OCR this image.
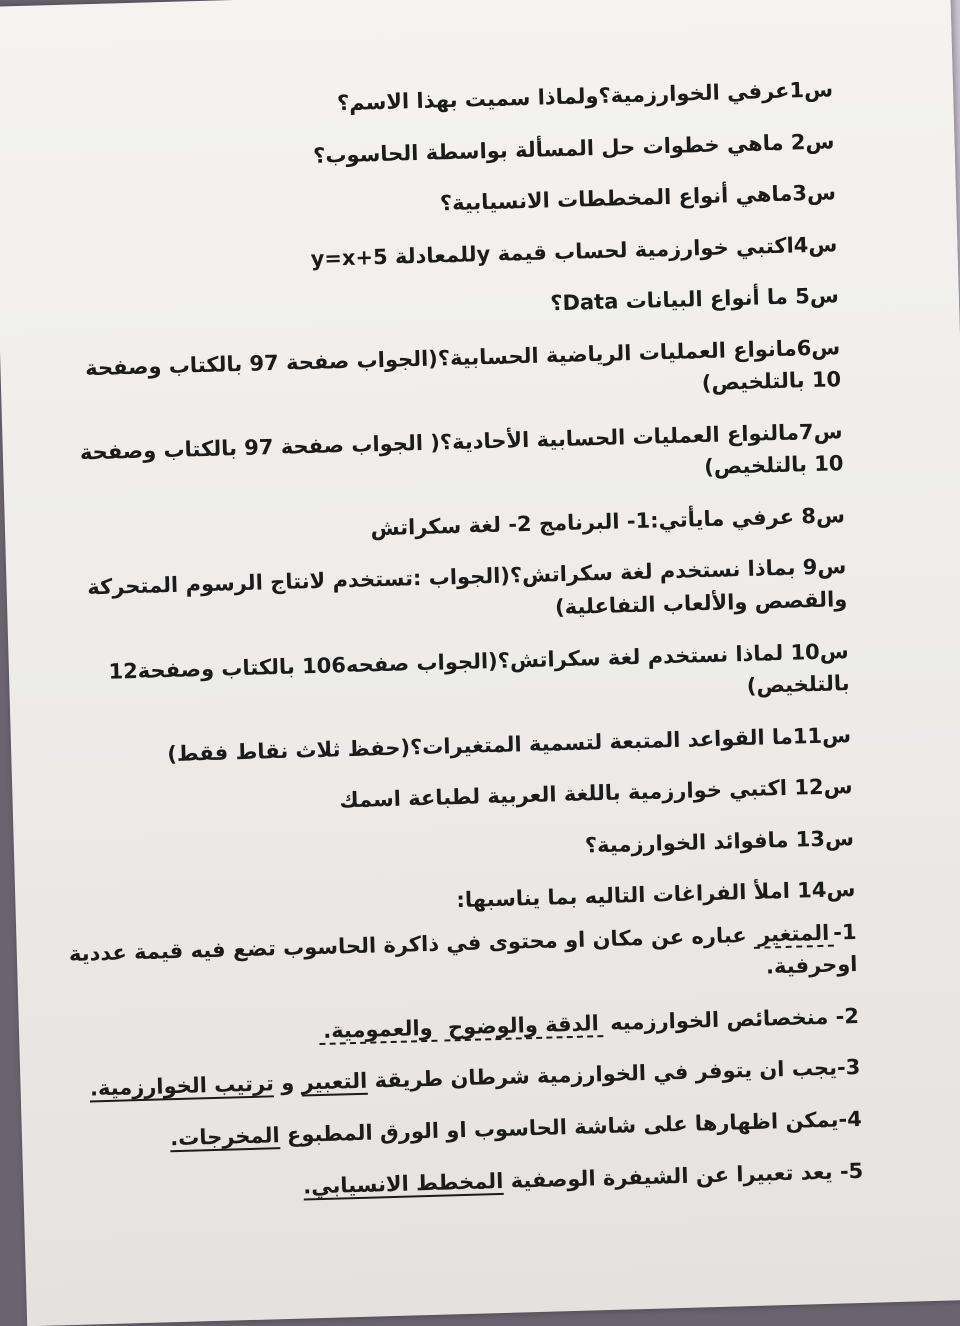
س1عرفي الخوارزمية؟ولماذا سميت بهذا الاسم؟

س2 ماهي خطوات حل المسألة بواسطة الحاسوب؟

س3ماهي أنواع المخططات الانسيابية؟

س4اكتبي خوارزمية لحساب قيمة yللمعادلة y=x+5

س5 ما أنواع البيانات Data؟

س6مانواع العمليات الرياضية الحسابية؟(الجواب صفحة 97 بالكتاب وصفحة 10 بالتلخيص)

س7مالنواع العمليات الحسابية الأحادية؟( الجواب صفحة 97 بالكتاب وصفحة 10 بالتلخيص)

س8 عرفي مايأتي:1- البرنامج 2- لغة سكراتش

س9 بماذا نستخدم لغة سكراتش؟(الجواب :تستخدم لانتاج الرسوم المتحركة والقصص والألعاب التفاعلية)

س10 لماذا نستخدم لغة سكراتش؟(الجواب صفحه106 بالكتاب وصفحة12 بالتلخيص)

س11ما القواعد المتبعة لتسمية المتغيرات؟(حفظ ثلاث نقاط فقط)

س12 اكتبي خوارزمية باللغة العربية لطباعة اسمك

س13 مافوائد الخوارزمية؟

س14 املأ الفراغات التاليه بما يناسبها:

1-المتغير عباره عن مكان او محتوى في ذاكرة الحاسوب تضع فيه قيمة عددية اوحرفية.

2- منخصائص الخوارزميه الدقة والوضوح والعمومية.

3-يجب ان يتوفر في الخوارزمية شرطان طريقة التعبير و ترتيب الخوارزمية.

4-يمكن اظهارها على شاشة الحاسوب او الورق المطبوع المخرجات.

5- يعد تعبيرا عن الشيفرة الوصفية المخطط الانسيابي.
